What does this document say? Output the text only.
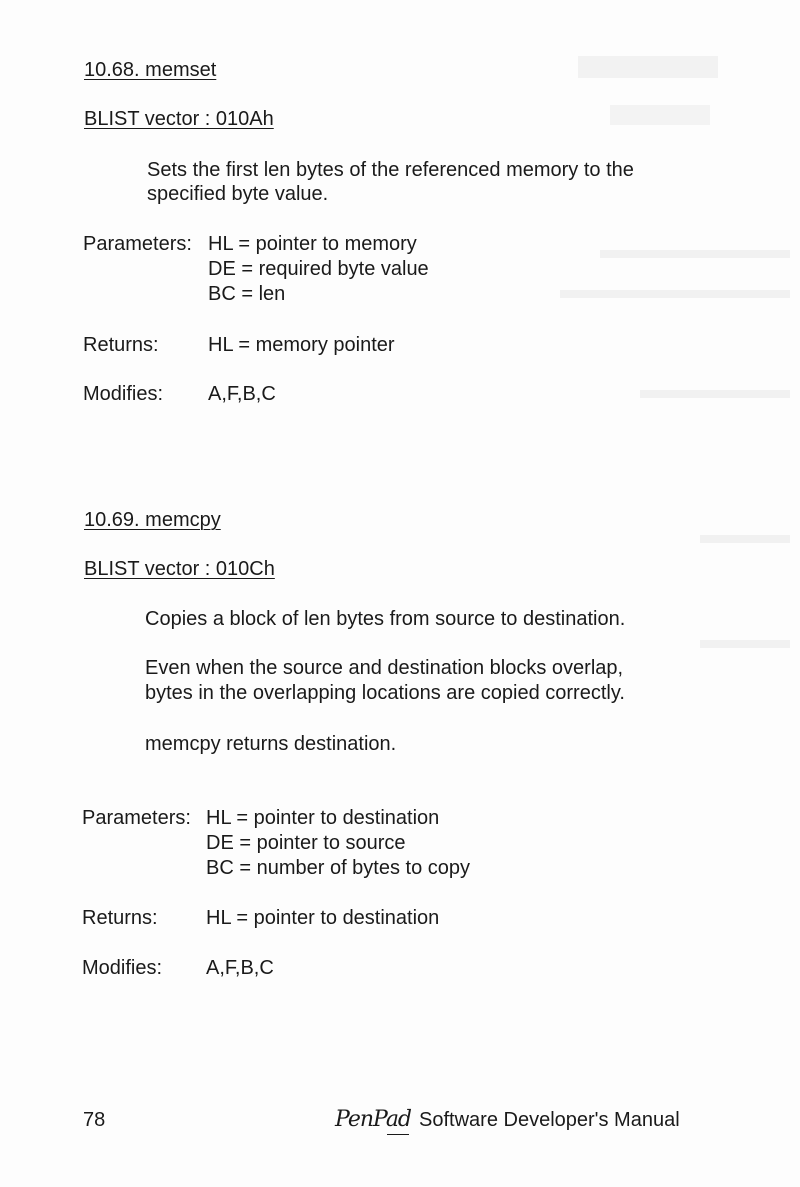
10.68. memset
BLIST vector : 010Ah
Sets the first len bytes of the referenced memory to the
specified byte value.
Parameters: HL = pointer to memory
DE = required byte value
BC = len
Returns: HL = memory pointer
Modifies: A,F,B,C
10.69. memcpy
BLIST vector : 010Ch
Copies a block of len bytes from source to destination.
Even when the source and destination blocks overlap,
bytes in the overlapping locations are copied correctly.
memcpy returns destination.
Parameters: HL = pointer to destination
DE = pointer to source
BC = number of bytes to copy
Returns: HL = pointer to destination
Modifies: A,F,B,C
78	PenPad Software Developer's Manual
